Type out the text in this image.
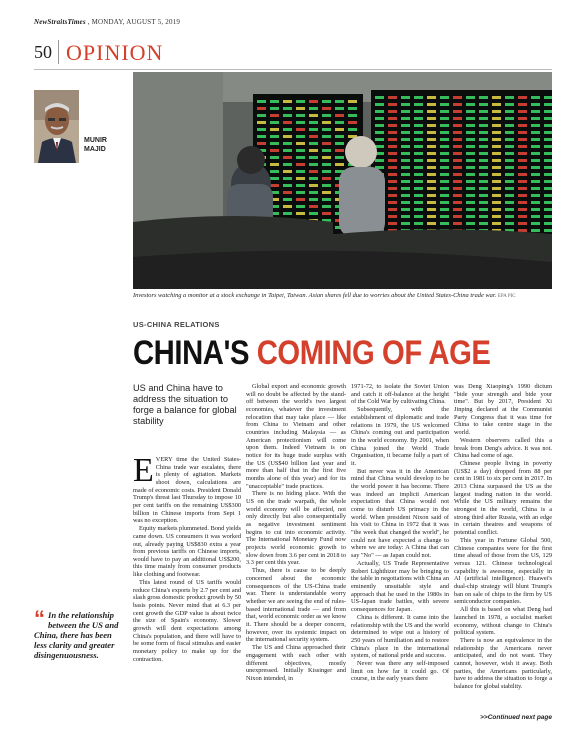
NewStraitsTimes , MONDAY, AUGUST 5, 2019
50 OPINION
MUNIR
MAJID
Investors watching a monitor at a stock exchange in Taipei, Taiwan. Asian shares fell due to worries about the United States-China trade war. EPA PIC
US-CHINA RELATIONS
CHINA'S COMING OF AGE
US and China have to address the situation to forge a balance for global stability
E VERY time the United States-China trade war escalates, there is plenty of agitation. Markets shoot down, calculations are made of economic costs. President Donald Trump's threat last Thursday to impose 10 per cent tariffs on the remaining US$300 billion in Chinese imports from Sept 1 was no exception.

Equity markets plummeted. Bond yields came down. US consumers it was worked out, already paying US$830 extra a year from previous tariffs on Chinese imports, would have to pay an additional US$200, this time mainly from consumer products like clothing and footwear.

This latest round of US tariffs would reduce China's exports by 2.7 per cent and slash gross domestic product growth by 50 basis points. Never mind that at 6.3 per cent growth the GDP value is about twice the size of Spain's economy. Slower growth will dent expectations among China's population, and there will have to be some form of fiscal stimulus and easier monetary policy to make up for the contraction.

Global export and economic growth will no doubt be affected by the stand-off between the world's two largest economies, whatever the investment relocation that may take place — like from China to Vietnam and other countries including Malaysia — as American protectionism will come upon them. Indeed Vietnam is on notice for its huge trade surplus with the US (US$40 billion last year and more than half that in the first five months alone of this year) and for its "unacceptable" trade practices.

There is no hiding place. With the US on the trade warpath, the whole world economy will be affected, not only directly but also consequentially as negative investment sentiment begins to cut into economic activity. The International Monetary Fund now projects world economic growth to slow down from 3.6 per cent in 2018 to 3.3 per cent this year.

Thus, there is cause to be deeply concerned about the economic consequences of the US-China trade war. There is understandable worry whether we are seeing the end of rules-based international trade — and from that, world economic order as we know it. There should be a deeper concern, however, over its systemic impact on the international security system.

The US and China approached their engagement with each other with different objectives, mostly unexpressed. Initially Kissinger and Nixon intended, in

1971-72, to isolate the Soviet Union and catch it off-balance at the height of the Cold War by cultivating China.

Subsequently, with the establishment of diplomatic and trade relations in 1979, the US welcomed China's coming out and participation in the world economy. By 2001, when China joined the World Trade Organisation, it became fully a part of it.

But never was it in the American mind that China would develop to be the world power it has become. There was indeed an implicit American expectation that China would not come to disturb US primacy in the world. When president Nixon said of his visit to China in 1972 that it was "the week that changed the world", he could not have expected a change to where we are today: A China that can say "No" — as Japan could not.

Actually, US Trade Representative Robert Lighthizer may be bringing to the table in negotiations with China an eminently unsuitable style and approach that he used in the 1980s in US-Japan trade battles, with severe consequences for Japan.

China is different. It came into the relationship with the US and the world determined to wipe out a history of 250 years of humiliation and to restore China's place in the international system, of national pride and success.

Never was there any self-imposed limit on how far it could go. Of course, in the early years there

was Deng Xiaoping's 1990 dictum "bide your strength and bide your time". But by 2017, President Xi Jinping declared at the Communist Party Congress that it was time for China to take centre stage in the world.

Western observers called this a break from Deng's advice. It was not. China had come of age.

Chinese people living in poverty (US$2 a day) dropped from 88 per cent in 1981 to six per cent in 2017. In 2013 China surpassed the US as the largest trading nation in the world. While the US military remains the strongest in the world, China is a strong third after Russia, with an edge in certain theatres and weapons of potential conflict.

This year in Fortune Global 500, Chinese companies were for the first time ahead of those from the US, 129 versus 121. Chinese technological capability is awesome, especially in AI (artificial intelligence). Huawei's dual-chip strategy will blunt Trump's ban on sale of chips to the firm by US semiconductor companies.

All this is based on what Deng had launched in 1978, a socialist market economy, without change to China's political system.

There is now an equivalence in the relationship the Americans never anticipated, and do not want. They cannot, however, wish it away. Both parties, the Americans particularly, have to address the situation to forge a balance for global stability.

“ In the relationship between the US and China, there has been less clarity and greater disingenuousness.
>>Continued next page
